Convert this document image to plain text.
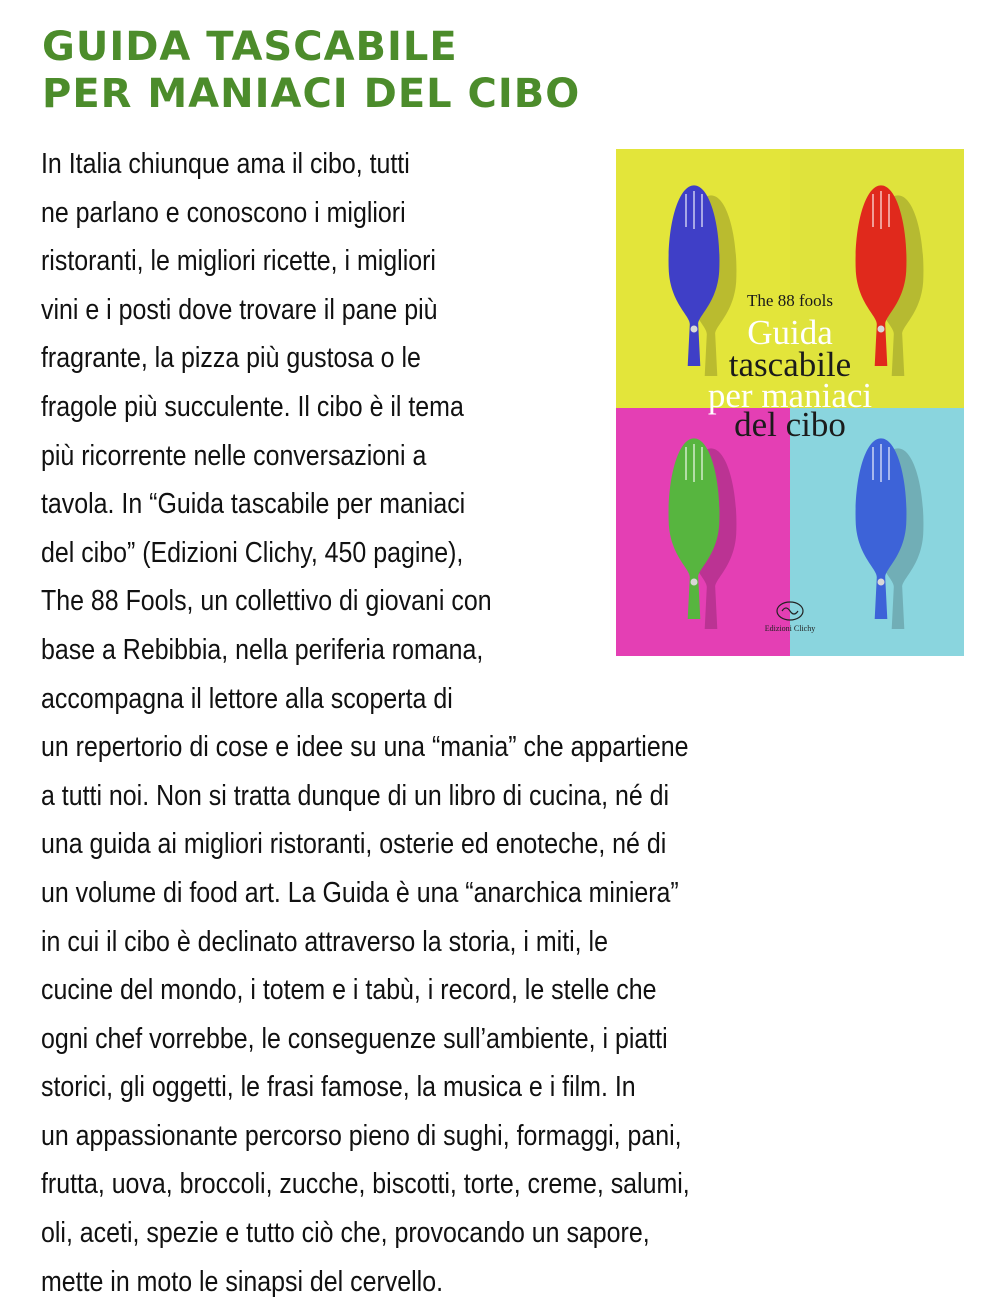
GUIDA TASCABILE
PER MANIACI DEL CIBO
The 88 fools
Guida
tascabile
per maniaci
del cibo
Edizioni Clichy
In Italia chiunque ama il cibo, tutti
ne parlano e conoscono i migliori
ristoranti, le migliori ricette, i migliori
vini e i posti dove trovare il pane più
fragrante, la pizza più gustosa o le
fragole più succulente. Il cibo è il tema
più ricorrente nelle conversazioni a
tavola. In “Guida tascabile per maniaci
del cibo” (Edizioni Clichy, 450 pagine),
The 88 Fools, un collettivo di giovani con
base a Rebibbia, nella periferia romana,
accompagna il lettore alla scoperta di
un repertorio di cose e idee su una “mania” che appartiene
a tutti noi. Non si tratta dunque di un libro di cucina, né di
una guida ai migliori ristoranti, osterie ed enoteche, né di
un volume di food art. La Guida è una “anarchica miniera”
in cui il cibo è declinato attraverso la storia, i miti, le
cucine del mondo, i totem e i tabù, i record, le stelle che
ogni chef vorrebbe, le conseguenze sull’ambiente, i piatti
storici, gli oggetti, le frasi famose, la musica e i film. In
un appassionante percorso pieno di sughi, formaggi, pani,
frutta, uova, broccoli, zucche, biscotti, torte, creme, salumi,
oli, aceti, spezie e tutto ciò che, provocando un sapore,
mette in moto le sinapsi del cervello.
